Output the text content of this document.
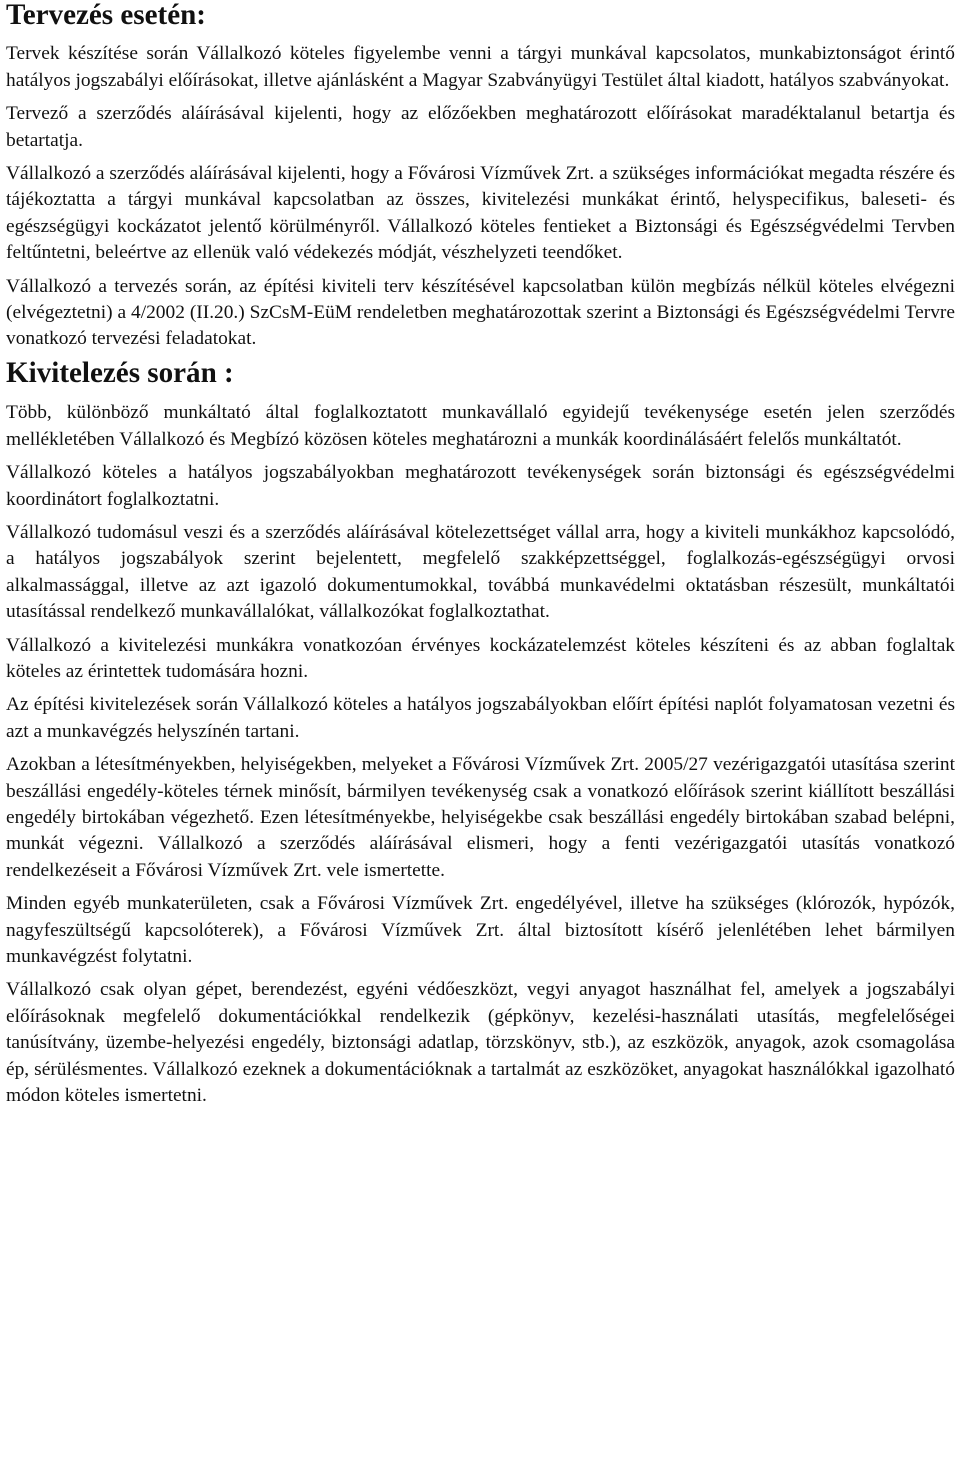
Tervezés esetén:

Tervek készítése során Vállalkozó köteles figyelembe venni a tárgyi munkával kapcsolatos, munkabiztonságot érintő hatályos jogszabályi előírásokat, illetve ajánlásként a Magyar Szabványügyi Testület által kiadott, hatályos szabványokat.

Tervező a szerződés aláírásával kijelenti, hogy az előzőekben meghatározott előírásokat maradéktalanul betartja és betartatja.

Vállalkozó a szerződés aláírásával kijelenti, hogy a Fővárosi Vízművek Zrt. a szükséges információkat megadta részére és tájékoztatta a tárgyi munkával kapcsolatban az összes, kivitelezési munkákat érintő, helyspecifikus, baleseti- és egészségügyi kockázatot jelentő körülményről. Vállalkozó köteles fentieket a Biztonsági és Egészségvédelmi Tervben feltűntetni, beleértve az ellenük való védekezés módját, vészhelyzeti teendőket.

Vállalkozó a tervezés során, az építési kiviteli terv készítésével kapcsolatban külön megbízás nélkül köteles elvégezni (elvégeztetni) a 4/2002 (II.20.) SzCsM-EüM rendeletben meghatározottak szerint a Biztonsági és Egészségvédelmi Tervre vonatkozó tervezési feladatokat.

Kivitelezés során :

Több, különböző munkáltató által foglalkoztatott munkavállaló egyidejű tevékenysége esetén jelen szerződés mellékletében Vállalkozó és Megbízó közösen köteles meghatározni a munkák koordinálásáért felelős munkáltatót.

Vállalkozó köteles a hatályos jogszabályokban meghatározott tevékenységek során biztonsági és egészségvédelmi koordinátort foglalkoztatni.

Vállalkozó tudomásul veszi és a szerződés aláírásával kötelezettséget vállal arra, hogy a kiviteli munkákhoz kapcsolódó, a hatályos jogszabályok szerint bejelentett, megfelelő szakképzettséggel, foglalkozás-egészségügyi orvosi alkalmassággal, illetve az azt igazoló dokumentumokkal, továbbá munkavédelmi oktatásban részesült, munkáltatói utasítással rendelkező munkavállalókat, vállalkozókat foglalkoztathat.

Vállalkozó a kivitelezési munkákra vonatkozóan érvényes kockázatelemzést köteles készíteni és az abban foglaltak köteles az érintettek tudomására hozni.

Az építési kivitelezések során Vállalkozó köteles a hatályos jogszabályokban előírt építési naplót folyamatosan vezetni és azt a munkavégzés helyszínén tartani.

Azokban a létesítményekben, helyiségekben, melyeket a Fővárosi Vízművek Zrt. 2005/27 vezérigazgatói utasítása szerint beszállási engedély-köteles térnek minősít, bármilyen tevékenység csak a vonatkozó előírások szerint kiállított beszállási engedély birtokában végezhető. Ezen létesítményekbe, helyiségekbe csak beszállási engedély birtokában szabad belépni, munkát végezni. Vállalkozó a szerződés aláírásával elismeri, hogy a fenti vezérigazgatói utasítás vonatkozó rendelkezéseit a Fővárosi Vízművek Zrt. vele ismertette.

Minden egyéb munkaterületen, csak a Fővárosi Vízművek Zrt. engedélyével, illetve ha szükséges (klórozók, hypózók, nagyfeszültségű kapcsolóterek), a Fővárosi Vízművek Zrt. által biztosított kísérő jelenlétében lehet bármilyen munkavégzést folytatni.

Vállalkozó csak olyan gépet, berendezést, egyéni védőeszközt, vegyi anyagot használhat fel, amelyek a jogszabályi előírásoknak megfelelő dokumentációkkal rendelkezik (gépkönyv, kezelési-használati utasítás, megfelelőségei tanúsítvány, üzembe-helyezési engedély, biztonsági adatlap, törzskönyv, stb.), az eszközök, anyagok, azok csomagolása ép, sérülésmentes. Vállalkozó ezeknek a dokumentációknak a tartalmát az eszközöket, anyagokat használókkal igazolható módon köteles ismertetni.
